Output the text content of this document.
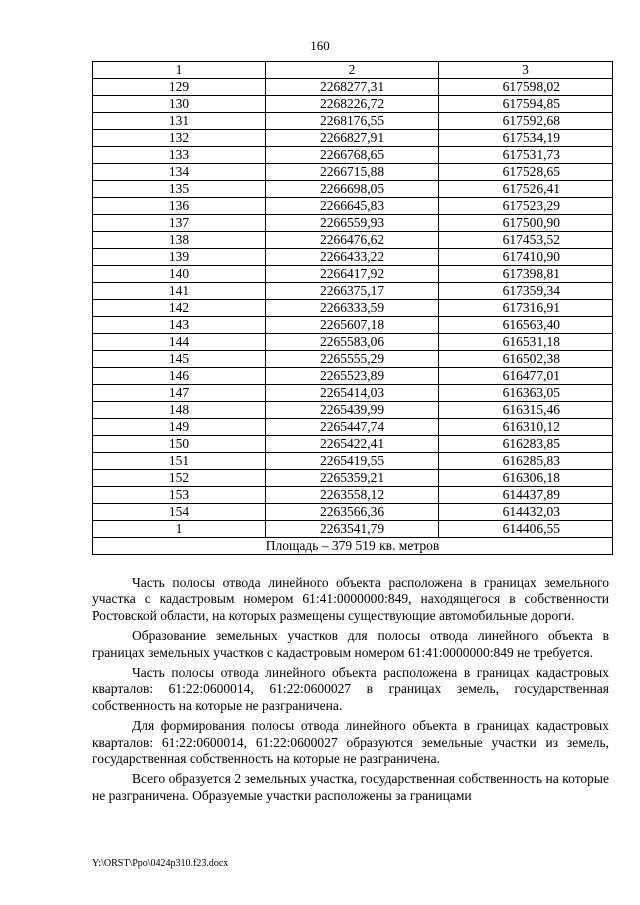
160
1	2	3
129	2268277,31	617598,02
130	2268226,72	617594,85
131	2268176,55	617592,68
132	2266827,91	617534,19
133	2266768,65	617531,73
134	2266715,88	617528,65
135	2266698,05	617526,41
136	2266645,83	617523,29
137	2266559,93	617500,90
138	2266476,62	617453,52
139	2266433,22	617410,90
140	2266417,92	617398,81
141	2266375,17	617359,34
142	2266333,59	617316,91
143	2265607,18	616563,40
144	2265583,06	616531,18
145	2265555,29	616502,38
146	2265523,89	616477,01
147	2265414,03	616363,05
148	2265439,99	616315,46
149	2265447,74	616310,12
150	2265422,41	616283,85
151	2265419,55	616285,83
152	2265359,21	616306,18
153	2263558,12	614437,89
154	2263566,36	614432,03
1	2263541,79	614406,55
Площадь – 379 519 кв. метров		

Часть полосы отвода линейного объекта расположена в границах земельного участка с кадастровым номером 61:41:0000000:849, находящегося в собственности Ростовской области, на которых размещены существующие автомобильные дороги.

Образование земельных участков для полосы отвода линейного объекта в границах земельных участков с кадастровым номером 61:41:0000000:849 не требуется.

Часть полосы отвода линейного объекта расположена в границах кадастровых кварталов: 61:22:0600014, 61:22:0600027 в границах земель, государственная собственность на которые не разграничена.

Для формирования полосы отвода линейного объекта в границах кадастровых кварталов: 61:22:0600014, 61:22:0600027 образуются земельные участки из земель, государственная собственность на которые не разграничена.

Всего образуется 2 земельных участка, государственная собственность на которые не разграничена. Образуемые участки расположены за границами

Y:\ORST\Ppo\0424p310.f23.docx
